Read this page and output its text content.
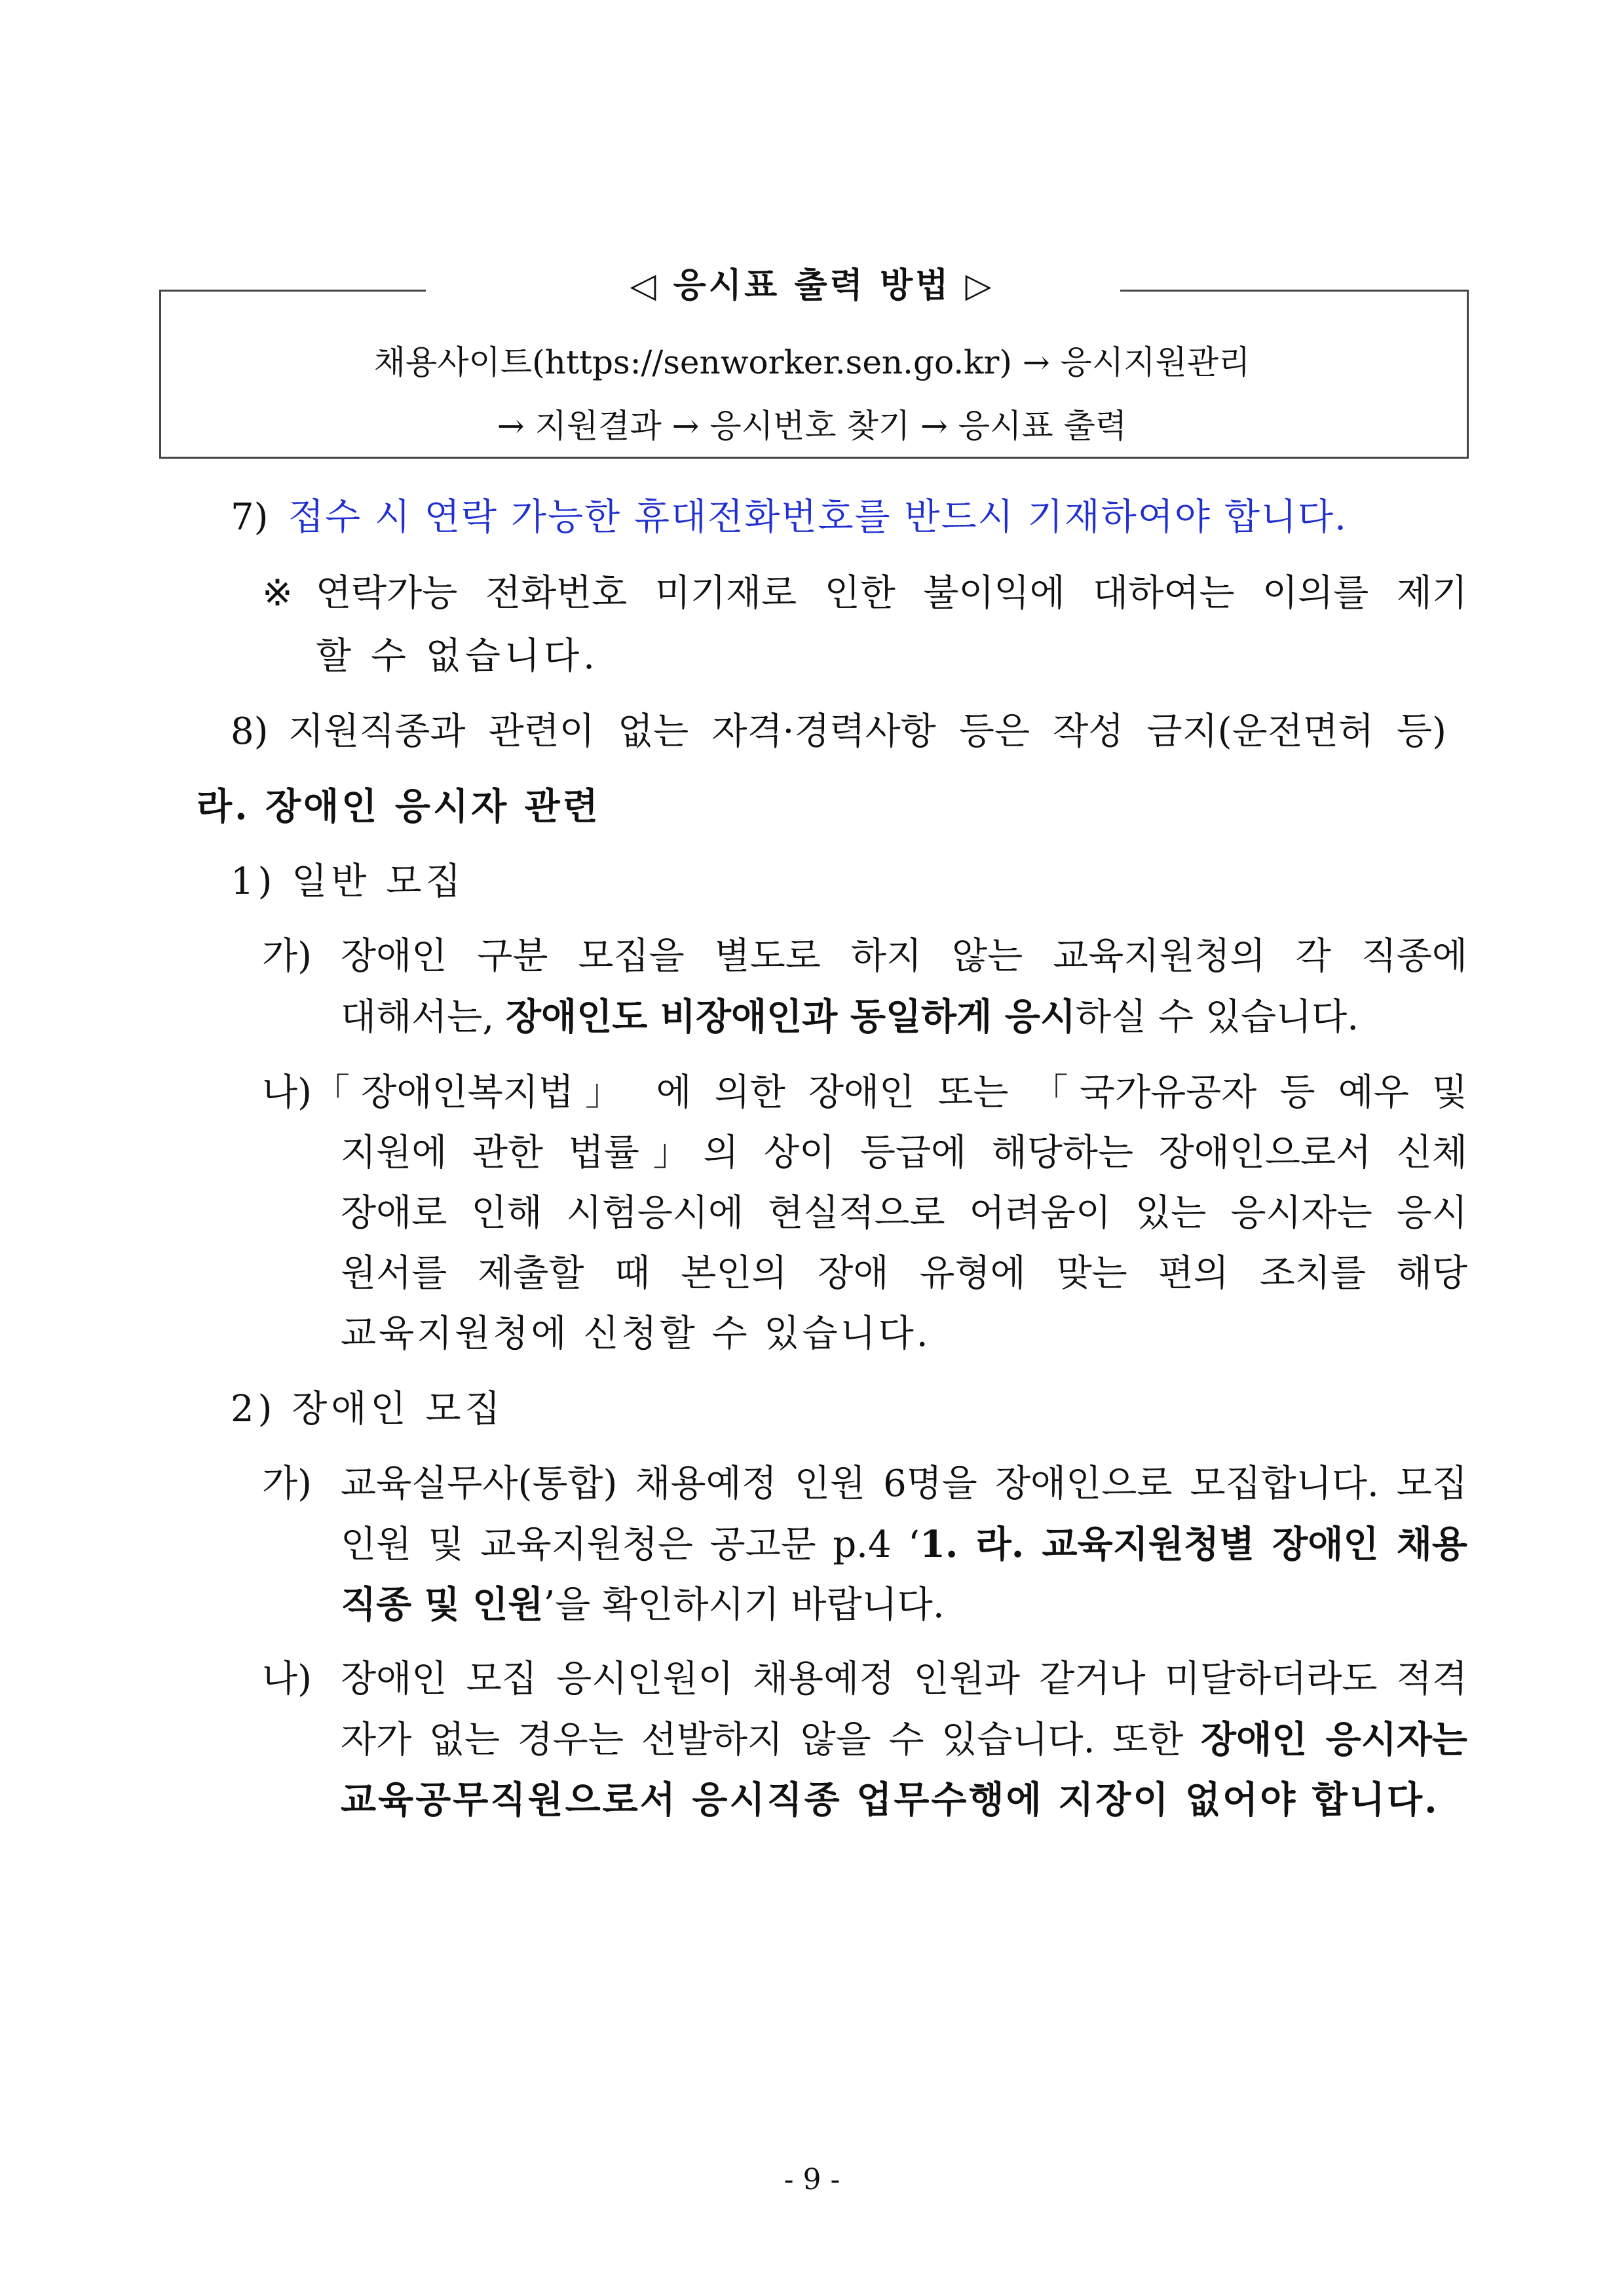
◁ 응시표 출력 방법 ▷
채용사이트(https://senworker.sen.go.kr) → 응시지원관리
→ 지원결과 → 응시번호 찾기 → 응시표 출력
7) 접수 시 연락 가능한 휴대전화번호를 반드시 기재하여야 합니다.
※ 연락가능 전화번호 미기재로 인한 불이익에 대하여는 이의를 제기
할 수 없습니다.
8) 지원직종과 관련이 없는 자격·경력사항 등은 작성 금지(운전면허 등)
라. 장애인 응시자 관련
1) 일반 모집
가) 장애인 구분 모집을 별도로 하지 않는 교육지원청의 각 직종에
대해서는, 장애인도 비장애인과 동일하게 응시하실 수 있습니다.
나) 「장애인복지법」 에 의한 장애인 또는 「국가유공자 등 예우 및
지원에 관한 법률」의 상이 등급에 해당하는 장애인으로서 신체
장애로 인해 시험응시에 현실적으로 어려움이 있는 응시자는 응시
원서를 제출할 때 본인의 장애 유형에 맞는 편의 조치를 해당
교육지원청에 신청할 수 있습니다.
2) 장애인 모집
가) 교육실무사(통합) 채용예정 인원 6명을 장애인으로 모집합니다. 모집
인원 및 교육지원청은 공고문 p.4 ‘1. 라. 교육지원청별 장애인 채용
직종 및 인원’을 확인하시기 바랍니다.
나) 장애인 모집 응시인원이 채용예정 인원과 같거나 미달하더라도 적격
자가 없는 경우는 선발하지 않을 수 있습니다. 또한 장애인 응시자는
교육공무직원으로서 응시직종 업무수행에 지장이 없어야 합니다.
- 9 -
